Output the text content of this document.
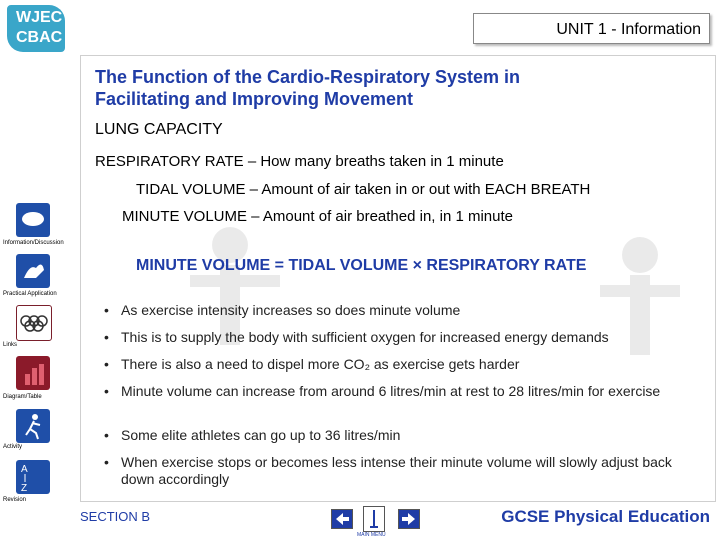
WJEC
CBAC	UNIT 1 - Information
The Function of the Cardio-Respiratory System in
Facilitating and Improving Movement
LUNG CAPACITY
RESPIRATORY RATE – How many breaths taken in 1 minute
TIDAL VOLUME – Amount of air taken in or out with EACH BREATH
MINUTE VOLUME – Amount of air breathed in, in 1 minute
MINUTE VOLUME = TIDAL VOLUME × RESPIRATORY RATE
Information/Discussion
Practical Application
Links
Diagram/Table
Activity
A
Z
Revision
• As exercise intensity increases so does minute volume
• This is to supply the body with sufficient oxygen for increased energy demands
• There is also a need to dispel more CO₂ as exercise gets harder
• Minute volume can increase from around 6 litres/min at rest to 28 litres/min for exercise
• Some elite athletes can go up to 36 litres/min
• When exercise stops or becomes less intense their minute volume will slowly adjust back down accordingly
SECTION B
MAIN MENU
GCSE Physical Education
